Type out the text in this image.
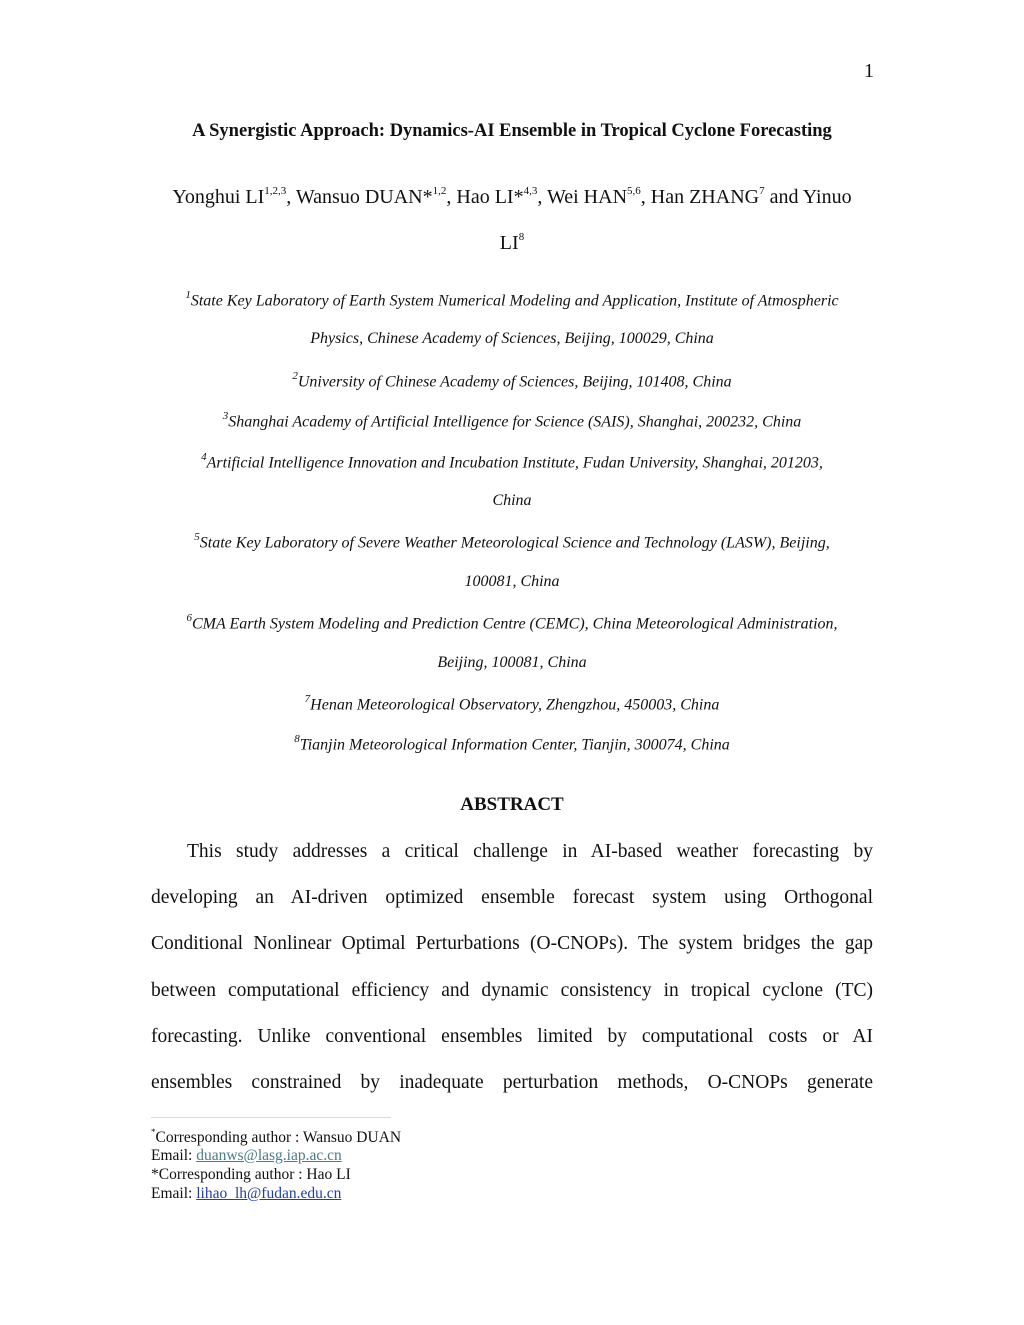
1
A Synergistic Approach: Dynamics-AI Ensemble in Tropical Cyclone Forecasting
Yonghui LI$^{1,2,3}$, Wansuo DUAN*$^{1,2}$, Hao LI*$^{4,3}$, Wei HAN$^{5,6}$, Han ZHANG$^7$ and Yinuo
$LI^8$
$^1$State Key Laboratory of Earth System Numerical Modeling and Application, Institute of Atmospheric
Physics, Chinese Academy of Sciences, Beijing, 100029, China
$^2$University of Chinese Academy of Sciences, Beijing, 101408, China
$^3$Shanghai Academy of Artificial Intelligence for Science (SAIS), Shanghai, 200232, China
$^4$Artificial Intelligence Innovation and Incubation Institute, Fudan University, Shanghai, 201203,
China
$^5$State Key Laboratory of Severe Weather Meteorological Science and Technology (LASW), Beijing,
100081, China
$^6$CMA Earth System Modeling and Prediction Centre (CEMC), China Meteorological Administration,
Beijing, 100081, China
$^7$Henan Meteorological Observatory, Zhengzhou, 450003, China
$^8$Tianjin Meteorological Information Center, Tianjin, 300074, China
ABSTRACT
This study addresses a critical challenge in AI-based weather forecasting by
developing an AI-driven optimized ensemble forecast system using Orthogonal
Conditional Nonlinear Optimal Perturbations (O-CNOPs). The system bridges the gap
between computational efficiency and dynamic consistency in tropical cyclone (TC)
forecasting. Unlike conventional ensembles limited by computational costs or AI
ensembles constrained by inadequate perturbation methods, O-CNOPs generate
*Corresponding author : Wansuo DUAN
Email: duanws@lasg.iap.ac.cn
*Corresponding author : Hao LI
Email: lihao_lh@fudan.edu.cn
